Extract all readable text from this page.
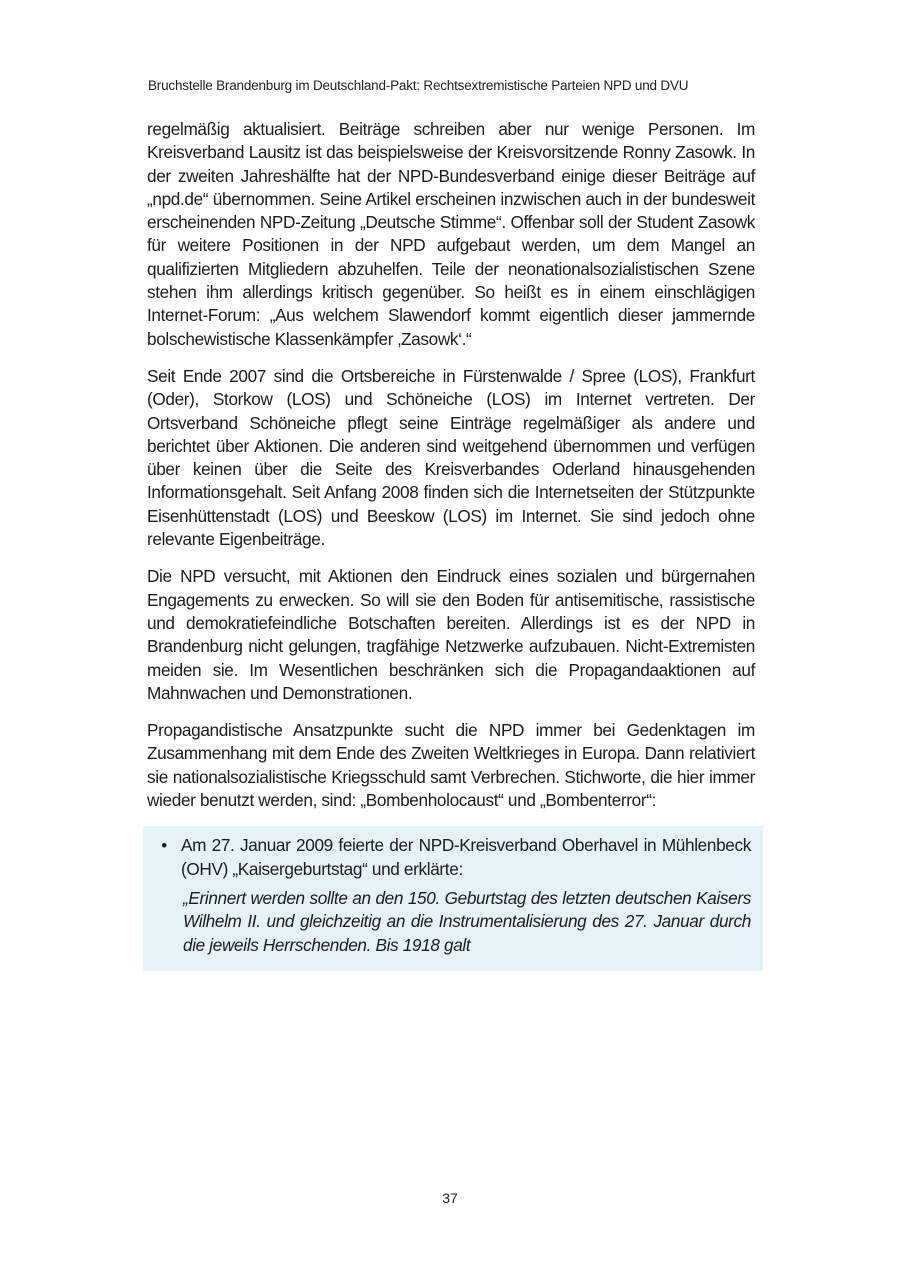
Bruchstelle Brandenburg im Deutschland-Pakt: Rechtsextremistische Parteien NPD und DVU

regelmäßig aktualisiert. Beiträge schreiben aber nur wenige Personen. Im Kreisverband Lausitz ist das beispielsweise der Kreisvorsitzende Ronny Zasowk. In der zweiten Jahreshälfte hat der NPD-Bundesverband einige dieser Beiträge auf „npd.de“ übernommen. Seine Artikel erscheinen inzwischen auch in der bundesweit erscheinenden NPD-Zeitung „Deutsche Stimme“. Offenbar soll der Student Zasowk für weitere Positionen in der NPD aufgebaut werden, um dem Mangel an qualifizierten Mitgliedern abzuhelfen. Teile der neonationalsozialistischen Szene stehen ihm allerdings kritisch gegenüber. So heißt es in einem einschlägigen Internet-Forum: „Aus welchem Slawendorf kommt eigentlich dieser jammernde bolschewistische Klassenkämpfer ‚Zasowk‘.“

Seit Ende 2007 sind die Ortsbereiche in Fürstenwalde / Spree (LOS), Frankfurt (Oder), Storkow (LOS) und Schöneiche (LOS) im Internet vertreten. Der Ortsverband Schöneiche pflegt seine Einträge regelmäßiger als andere und berichtet über Aktionen. Die anderen sind weitgehend übernommen und verfügen über keinen über die Seite des Kreisverbandes Oderland hinausgehenden Informationsgehalt. Seit Anfang 2008 finden sich die Internetseiten der Stützpunkte Eisenhüttenstadt (LOS) und Beeskow (LOS) im Internet. Sie sind jedoch ohne relevante Eigenbeiträge.

Die NPD versucht, mit Aktionen den Eindruck eines sozialen und bürgernahen Engagements zu erwecken. So will sie den Boden für antisemitische, rassistische und demokratiefeindliche Botschaften bereiten. Allerdings ist es der NPD in Brandenburg nicht gelungen, tragfähige Netzwerke aufzubauen. Nicht-Extremisten meiden sie. Im Wesentlichen beschränken sich die Propagandaaktionen auf Mahnwachen und Demonstrationen.

Propagandistische Ansatzpunkte sucht die NPD immer bei Gedenktagen im Zusammenhang mit dem Ende des Zweiten Weltkrieges in Europa. Dann relativiert sie nationalsozialistische Kriegsschuld samt Verbrechen. Stichworte, die hier immer wieder benutzt werden, sind: „Bombenholocaust“ und „Bombenterror“:

• Am 27. Januar 2009 feierte der NPD-Kreisverband Oberhavel in Mühlenbeck (OHV) „Kaisergeburtstag“ und erklärte:

„Erinnert werden sollte an den 150. Geburtstag des letzten deutschen Kaisers Wilhelm II. und gleichzeitig an die Instrumentalisierung des 27. Januar durch die jeweils Herrschenden. Bis 1918 galt

37
